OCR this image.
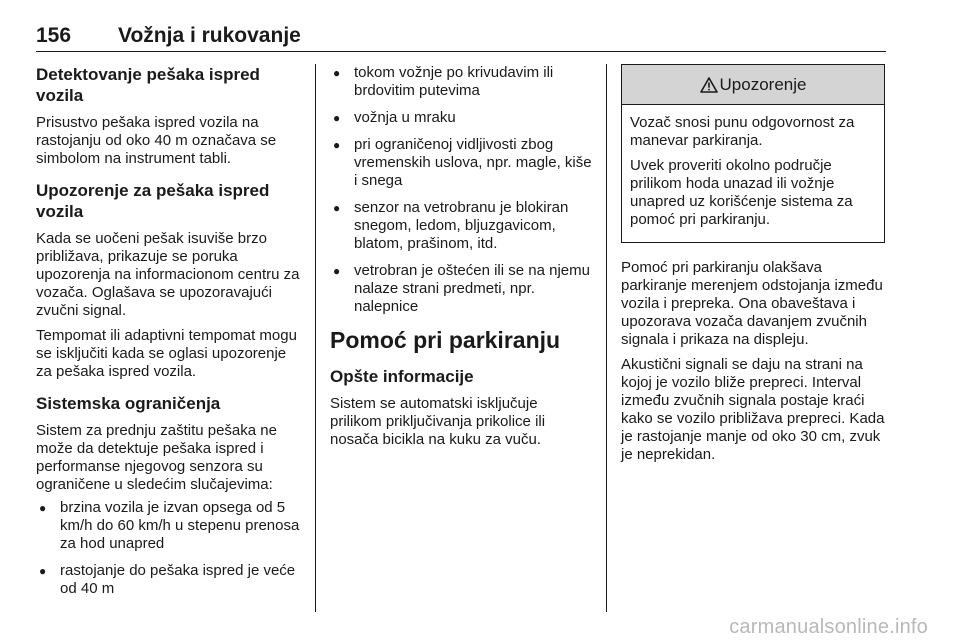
156 Vožnja i rukovanje
Detektovanje pešaka ispred vozila

Prisustvo pešaka ispred vozila na rastojanju od oko 40 m označava se simbolom na instrument tabli.

Upozorenje za pešaka ispred vozila

Kada se uočeni pešak isuviše brzo približava, prikazuje se poruka upozorenja na informacionom centru za vozača. Oglašava se upozoravajući zvučni signal.

Tempomat ili adaptivni tempomat mogu se isključiti kada se oglasi upozorenje za pešaka ispred vozila.

Sistemska ograničenja

Sistem za prednju zaštitu pešaka ne može da detektuje pešaka ispred i performanse njegovog senzora su ograničene u sledećim slučajevima:

● brzina vozila je izvan opsega od 5 km/h do 60 km/h u stepenu prenosa za hod unapred
● rastojanje do pešaka ispred je veće od 40 m
● tokom vožnje po krivudavim ili brdovitim putevima
● vožnja u mraku
● pri ograničenoj vidljivosti zbog vremenskih uslova, npr. magle, kiše i snega
● senzor na vetrobranu je blokiran snegom, ledom, bljuzgavicom, blatom, prašinom, itd.
● vetrobran je oštećen ili se na njemu nalaze strani predmeti, npr. nalepnice
Pomoć pri parkiranju
Opšte informacije

Sistem se automatski isključuje prilikom priključivanja prikolice ili nosača bicikla na kuku za vuču.

Upozorenje

Vozač snosi punu odgovornost za manevar parkiranja.

Uvek proveriti okolno područje prilikom hoda unazad ili vožnje unapred uz korišćenje sistema za pomoć pri parkiranju.

Pomoć pri parkiranju olakšava parkiranje merenjem odstojanja između vozila i prepreka. Ona obaveštava i upozorava vozača davanjem zvučnih signala i prikaza na displeju.

Akustični signali se daju na strani na kojoj je vozilo bliže prepreci. Interval između zvučnih signala postaje kraći kako se vozilo približava prepreci. Kada je rastojanje manje od oko 30 cm, zvuk je neprekidan.

carmanualsonline.info
